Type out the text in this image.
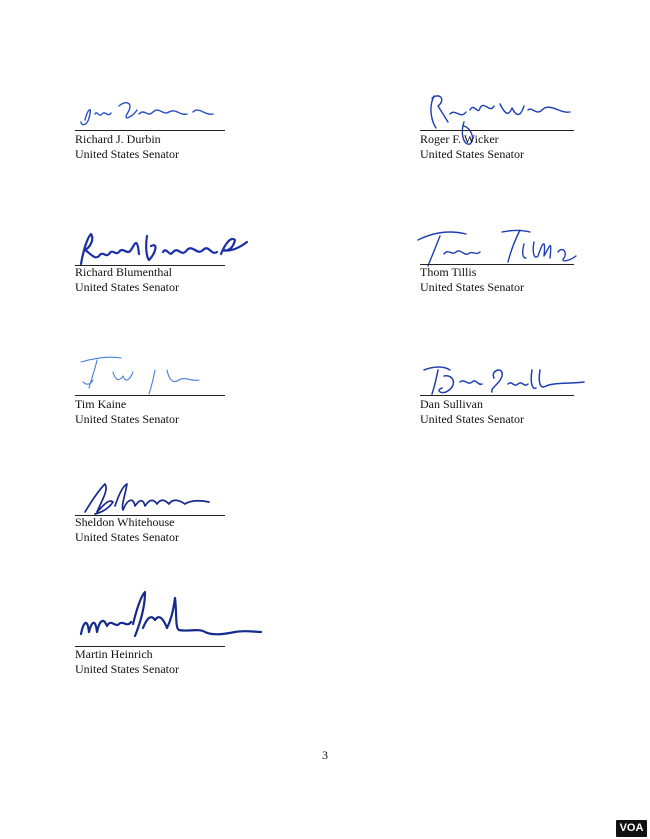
Richard J. Durbin
United States Senator
Roger F. Wicker
United States Senator
Richard Blumenthal
United States Senator
Thom Tillis
United States Senator
Tim Kaine
United States Senator
Dan Sullivan
United States Senator
Sheldon Whitehouse
United States Senator
Martin Heinrich
United States Senator
3
VOA
